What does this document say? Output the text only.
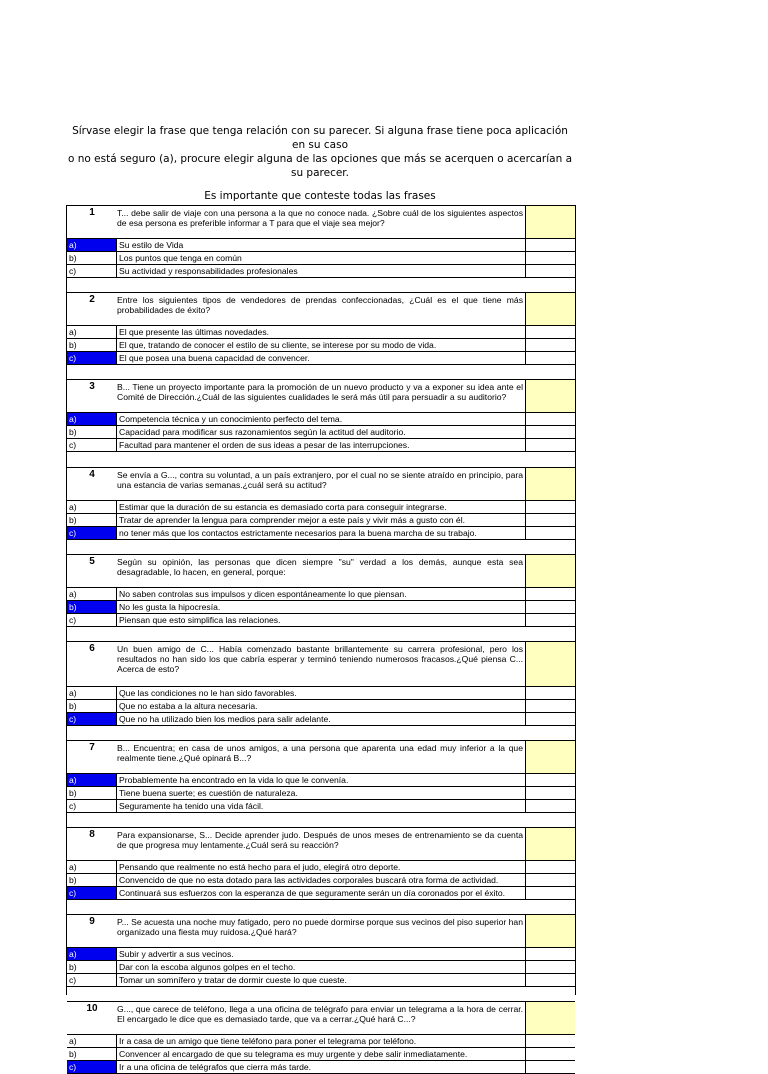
Sírvase elegir la frase que tenga relación con su parecer. Si alguna frase tiene poca aplicación en su caso

o no está seguro (a), procure elegir alguna de las opciones que más se acerquen o acercarían a su parecer.

Es importante que conteste todas las frases

1	T... debe salir de viaje con una persona a la que no conoce nada. ¿Sobre cuál de los siguientes aspectos de esa persona es preferible informar a T para que el viaje sea mejor?
a)	Su estilo de Vida
b)	Los puntos que tenga en común
c)	Su actividad y responsabilidades profesionales
2	Entre los siguientes tipos de vendedores de prendas confeccionadas, ¿Cuál es el que tiene más probabilidades de éxito?
a)	El que presente las últimas novedades.
b)	El que, tratando de conocer el estilo de su cliente, se interese por su modo de vida.
c)	El que posea una buena capacidad de convencer.
3	B... Tiene un proyecto importante para la promoción de un nuevo producto y va a exponer su idea ante el Comité de Dirección.¿Cuál de las siguientes cualidades le será más útil para persuadir a su auditorio?
a)	Competencia técnica y un conocimiento perfecto del tema.
b)	Capacidad para modificar sus razonamientos según la actitud del auditorio.
c)	Facultad para mantener el orden de sus ideas a pesar de las interrupciones.
4	Se envía a G..., contra su voluntad, a un país extranjero, por el cual no se siente atraído en principio, para una estancia de varias semanas.¿cuál será su actitud?
a)	Estimar que la duración de su estancia es demasiado corta para conseguir integrarse.
b)	Tratar de aprender la lengua para comprender mejor a este país y vivir más a gusto con él.
c)	no tener más que los contactos estrictamente necesarios para la buena marcha de su trabajo.
5	Según su opinión, las personas que dicen siempre "su" verdad a los demás, aunque esta sea desagradable, lo hacen, en general, porque:
a)	No saben controlas sus impulsos y dicen espontáneamente lo que piensan.
b)	No les gusta la hipocresía.
c)	Piensan que esto simplifica las relaciones.
6	Un buen amigo de C... Había comenzado bastante brillantemente su carrera profesional, pero los resultados no han sido los que cabría esperar y terminó teniendo numerosos fracasos.¿Qué piensa C... Acerca de esto?
a)	Que las condiciones no le han sido favorables.
b)	Que no estaba a la altura necesaria.
c)	Que no ha utilizado bien los medios para salir adelante.
7	B... Encuentra; en casa de unos amigos, a una persona que aparenta una edad muy inferior a la que realmente tiene.¿Qué opinará B...?
a)	Probablemente ha encontrado en la vida lo que le convenía.
b)	Tiene buena suerte; es cuestión de naturaleza.
c)	Seguramente ha tenido una vida fácil.
8	Para expansionarse, S... Decide aprender judo. Después de unos meses de entrenamiento se da cuenta de que progresa muy lentamente.¿Cuál será su reacción?
a)	Pensando que realmente no está hecho para el judo, elegirá otro deporte.
b)	Convencido de que no esta dotado para las actividades corporales buscará otra forma de actividad.
c)	Continuará sus esfuerzos con la esperanza de que seguramente serán un día coronados por el éxito.
9	P... Se acuesta una noche muy fatigado, pero no puede dormirse porque sus vecinos del piso superior han organizado una fiesta muy ruidosa.¿Qué hará?
a)	Subir y advertir a sus vecinos.
b)	Dar con la escoba algunos golpes en el techo.
c)	Tomar un somnífero y tratar de dormir cueste lo que cueste.
10	G..., que carece de teléfono, llega a una oficina de telégrafo para enviar un telegrama a la hora de cerrar. El encargado le dice que es demasiado tarde, que va a cerrar.¿Qué hará C...?
a)	Ir a casa de un amigo que tiene teléfono para poner el telegrama por teléfono.
b)	Convencer al encargado de que su telegrama es muy urgente y debe salir inmediatamente.
c)	Ir a una oficina de telégrafos que cierra más tarde.
